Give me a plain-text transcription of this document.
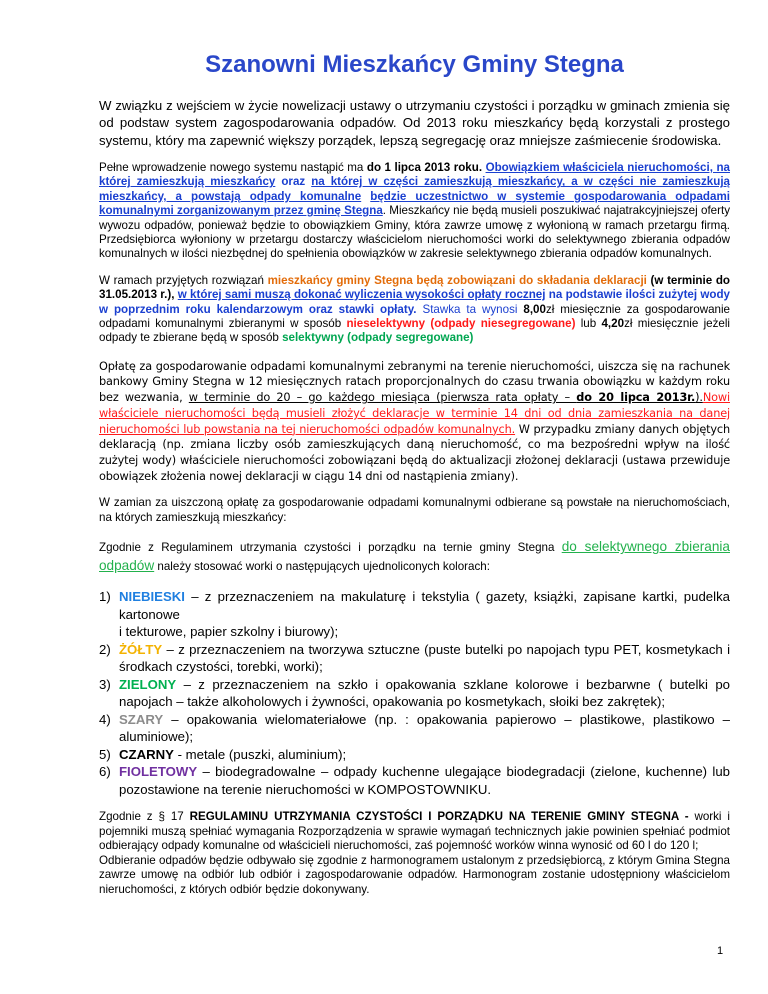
Szanowni Mieszkańcy Gminy Stegna

W związku z wejściem w życie nowelizacji ustawy o utrzymaniu czystości i porządku w gminach zmienia się od podstaw system zagospodarowania odpadów. Od 2013 roku mieszkańcy będą korzystali z prostego systemu, który ma zapewnić większy porządek, lepszą segregację oraz mniejsze zaśmiecenie środowiska.

Pełne wprowadzenie nowego systemu nastąpić ma do 1 lipca 2013 roku. Obowiązkiem właściciela nieruchomości, na której zamieszkują mieszkańcy oraz na której w części zamieszkują mieszkańcy, a w części nie zamieszkują mieszkańcy, a powstają odpady komunalne będzie uczestnictwo w systemie gospodarowania odpadami komunalnymi zorganizowanym przez gminę Stegna. Mieszkańcy nie będą musieli poszukiwać najatrakcyjniejszej oferty wywozu odpadów, ponieważ będzie to obowiązkiem Gminy, która zawrze umowę z wyłonioną w ramach przetargu firmą. Przedsiębiorca wyłoniony w przetargu dostarczy właścicielom nieruchomości worki do selektywnego zbierania odpadów komunalnych w ilości niezbędnej do spełnienia obowiązków w zakresie selektywnego zbierania odpadów komunalnych.

W ramach przyjętych rozwiązań mieszkańcy gminy Stegna będą zobowiązani do składania deklaracji (w terminie do 31.05.2013 r.), w której sami muszą dokonać wyliczenia wysokości opłaty rocznej na podstawie ilości zużytej wody w poprzednim roku kalendarzowym oraz stawki opłaty. Stawka ta wynosi 8,00zł miesięcznie za gospodarowanie odpadami komunalnymi zbieranymi w sposób nieselektywny (odpady niesegregowane) lub 4,20zł miesięcznie jeżeli odpady te zbierane będą w sposób selektywny (odpady segregowane)

Opłatę za gospodarowanie odpadami komunalnymi zebranymi na terenie nieruchomości, uiszcza się na rachunek bankowy Gminy Stegna w 12 miesięcznych ratach proporcjonalnych do czasu trwania obowiązku w każdym roku bez wezwania, w terminie do 20 – go każdego miesiąca (pierwsza rata opłaty – do 20 lipca 2013r.).Nowi właściciele nieruchomości będą musieli złożyć deklaracje w terminie 14 dni od dnia zamieszkania na danej nieruchomości lub powstania na tej nieruchomości odpadów komunalnych. W przypadku zmiany danych objętych deklaracją (np. zmiana liczby osób zamieszkujących daną nieruchomość, co ma bezpośredni wpływ na ilość zużytej wody) właściciele nieruchomości zobowiązani będą do aktualizacji złożonej deklaracji (ustawa przewiduje obowiązek złożenia nowej deklaracji w ciągu 14 dni od nastąpienia zmiany).

W zamian za uiszczoną opłatę za gospodarowanie odpadami komunalnymi odbierane są powstałe na nieruchomościach, na których zamieszkują mieszkańcy:

Zgodnie z Regulaminem utrzymania czystości i porządku na ternie gminy Stegna do selektywnego zbierania odpadów należy stosować worki o następujących ujednoliconych kolorach:

1) NIEBIESKI – z przeznaczeniem na makulaturę i tekstylia ( gazety, książki, zapisane kartki, pudelka kartonowe
i tekturowe, papier szkolny i biurowy);
2) ŻÓŁTY – z przeznaczeniem na tworzywa sztuczne (puste butelki po napojach typu PET, kosmetykach i środkach czystości, torebki, worki);
3) ZIELONY – z przeznaczeniem na szkło i opakowania szklane kolorowe i bezbarwne ( butelki po napojach – także alkoholowych i żywności, opakowania po kosmetykach, słoiki bez zakrętek);
4) SZARY – opakowania wielomateriałowe (np. : opakowania papierowo – plastikowe, plastikowo – aluminiowe);
5) CZARNY - metale (puszki, aluminium);
6) FIOLETOWY – biodegradowalne – odpady kuchenne ulegające biodegradacji (zielone, kuchenne) lub pozostawione na terenie nieruchomości w KOMPOSTOWNIKU.

Zgodnie z § 17 REGULAMINU UTRZYMANIA CZYSTOŚCI I PORZĄDKU NA TERENIE GMINY STEGNA - worki i pojemniki muszą spełniać wymagania Rozporządzenia w sprawie wymagań technicznych jakie powinien spełniać podmiot odbierający odpady komunalne od właścicieli nieruchomości, zaś pojemność worków winna wynosić od 60 l do 120 l;
Odbieranie odpadów będzie odbywało się zgodnie z harmonogramem ustalonym z przedsiębiorcą, z którym Gmina Stegna zawrze umowę na odbiór lub odbiór i zagospodarowanie odpadów. Harmonogram zostanie udostępniony właścicielom nieruchomości, z których odbiór będzie dokonywany.

1
